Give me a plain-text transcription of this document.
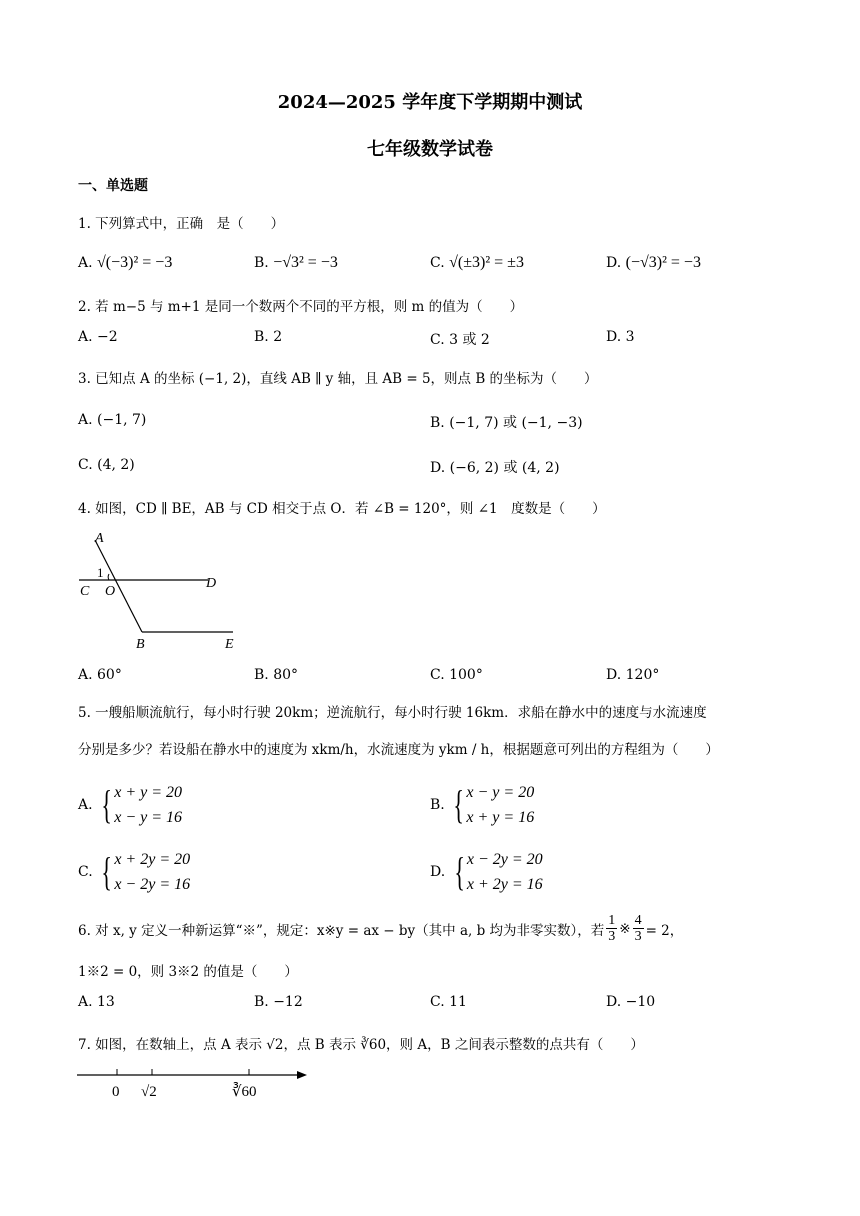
2024—2025 学年度下学期期中测试
七年级数学试卷
一、单选题
1. 下列算式中，正确　是（　　）
A. √(−3)² = −3	B. −√3² = −3	C. √(±3)² = ±3	D. (−√3)² = −3
2. 若 m−5 与 m+1 是同一个数两个不同的平方根，则 m 的值为（　　）
A. −2	B. 2	C. 3 或 2	D. 3
3. 已知点 A 的坐标 (−1, 2)，直线 AB ∥ y 轴，且 AB = 5，则点 B 的坐标为（　　）
A. (−1, 7)	B. (−1, 7) 或 (−1, −3)
C. (4, 2)	D. (−6, 2) 或 (4, 2)
4. 如图，CD ∥ BE，AB 与 CD 相交于点 O．若 ∠B = 120°，则 ∠1　度数是（　　）
A
1
C O
D
B	E
A. 60°	B. 80°	C. 100°	D. 120°
5. 一艘船顺流航行，每小时行驶 20km；逆流航行，每小时行驶 16km．求船在静水中的速度与水流速度
分别是多少？若设船在静水中的速度为 xkm/h，水流速度为 ykm / h，根据题意可列出的方程组为（　　）
A. { x + y = 20
x − y = 16
B. { x − y = 20
x + y = 16
C. { x + 2y = 20
x − 2y = 16
D. { x − 2y = 20
x + 2y = 16
6. 对 x, y 定义一种新运算“※”，规定：x※y = ax − by（其中 a, b 均为非零实数），若 $\frac{1}{3}$ ※ $\frac{4}{3} = 2$，
1※2 = 0，则 3※2 的值是（　　）
A. 13	B. −12	C. 11	D. −10
7. 如图，在数轴上，点 A 表示 √2，点 B 表示 ∛60，则 A，B 之间表示整数的点共有（　　）
0 √2	∛60
